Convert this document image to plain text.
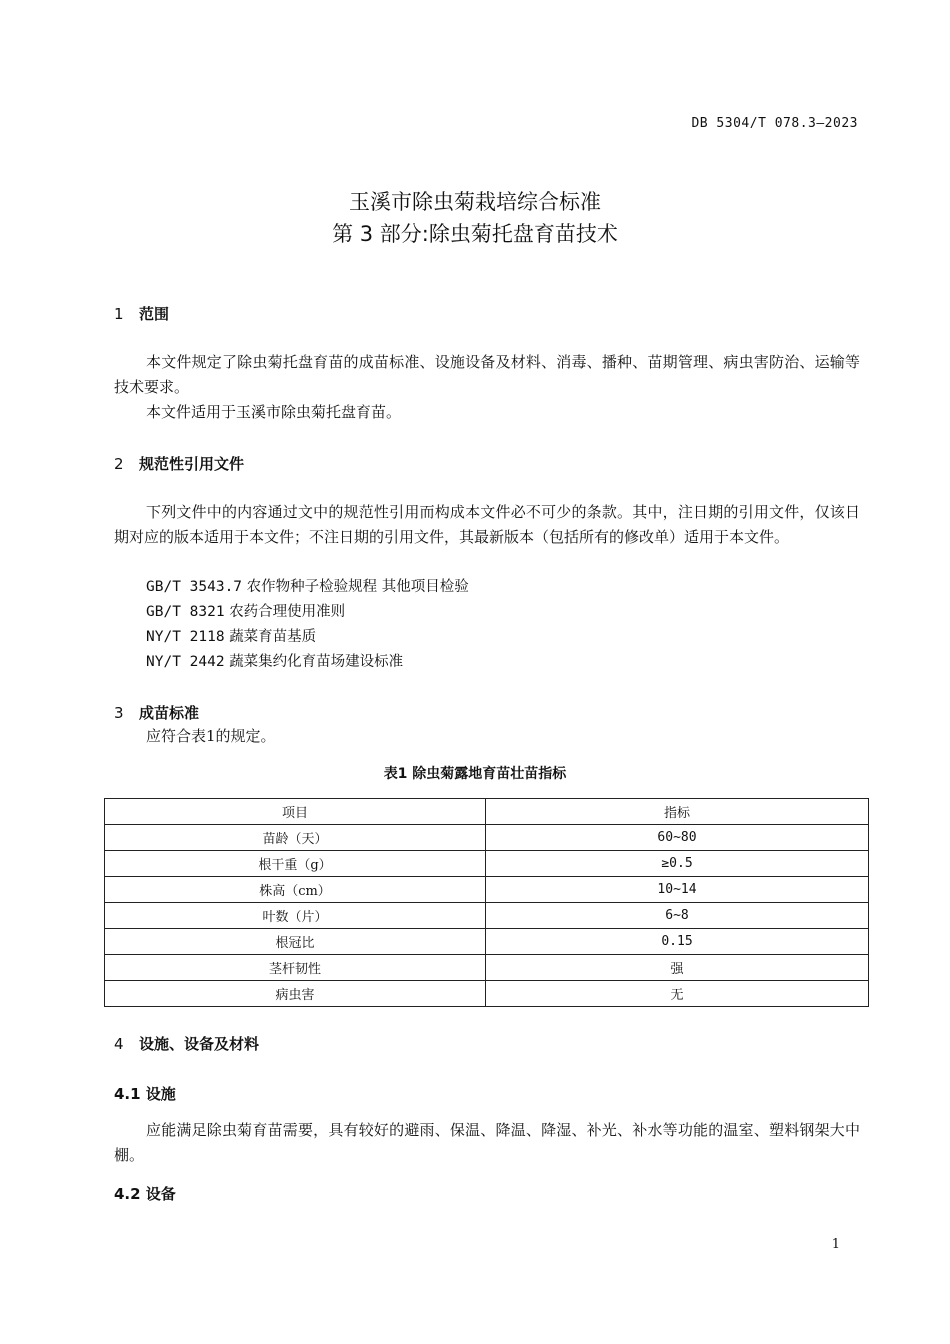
DB 5304/T 078.3—2023
玉溪市除虫菊栽培综合标准
第 3 部分:除虫菊托盘育苗技术
1 范围
本文件规定了除虫菊托盘育苗的成苗标准、设施设备及材料、消毒、播种、苗期管理、病虫害防治、运输等技术要求。
本文件适用于玉溪市除虫菊托盘育苗。
2 规范性引用文件
下列文件中的内容通过文中的规范性引用而构成本文件必不可少的条款。其中，注日期的引用文件，仅该日期对应的版本适用于本文件；不注日期的引用文件，其最新版本（包括所有的修改单）适用于本文件。
GB/T 3543.7 农作物种子检验规程 其他项目检验
GB/T 8321 农药合理使用准则
NY/T 2118 蔬菜育苗基质
NY/T 2442 蔬菜集约化育苗场建设标准
3 成苗标准
应符合表1的规定。
表1 除虫菊露地育苗壮苗指标
项目	指标
苗龄（天）	60~80
根干重（g）	≥0.5
株高（cm）	10~14
叶数（片）	6~8
根冠比	0.15
茎杆韧性	强
病虫害	无
4 设施、设备及材料
4.1 设施
应能满足除虫菊育苗需要，具有较好的避雨、保温、降温、降湿、补光、补水等功能的温室、塑料钢架大中棚。
4.2 设备
1
